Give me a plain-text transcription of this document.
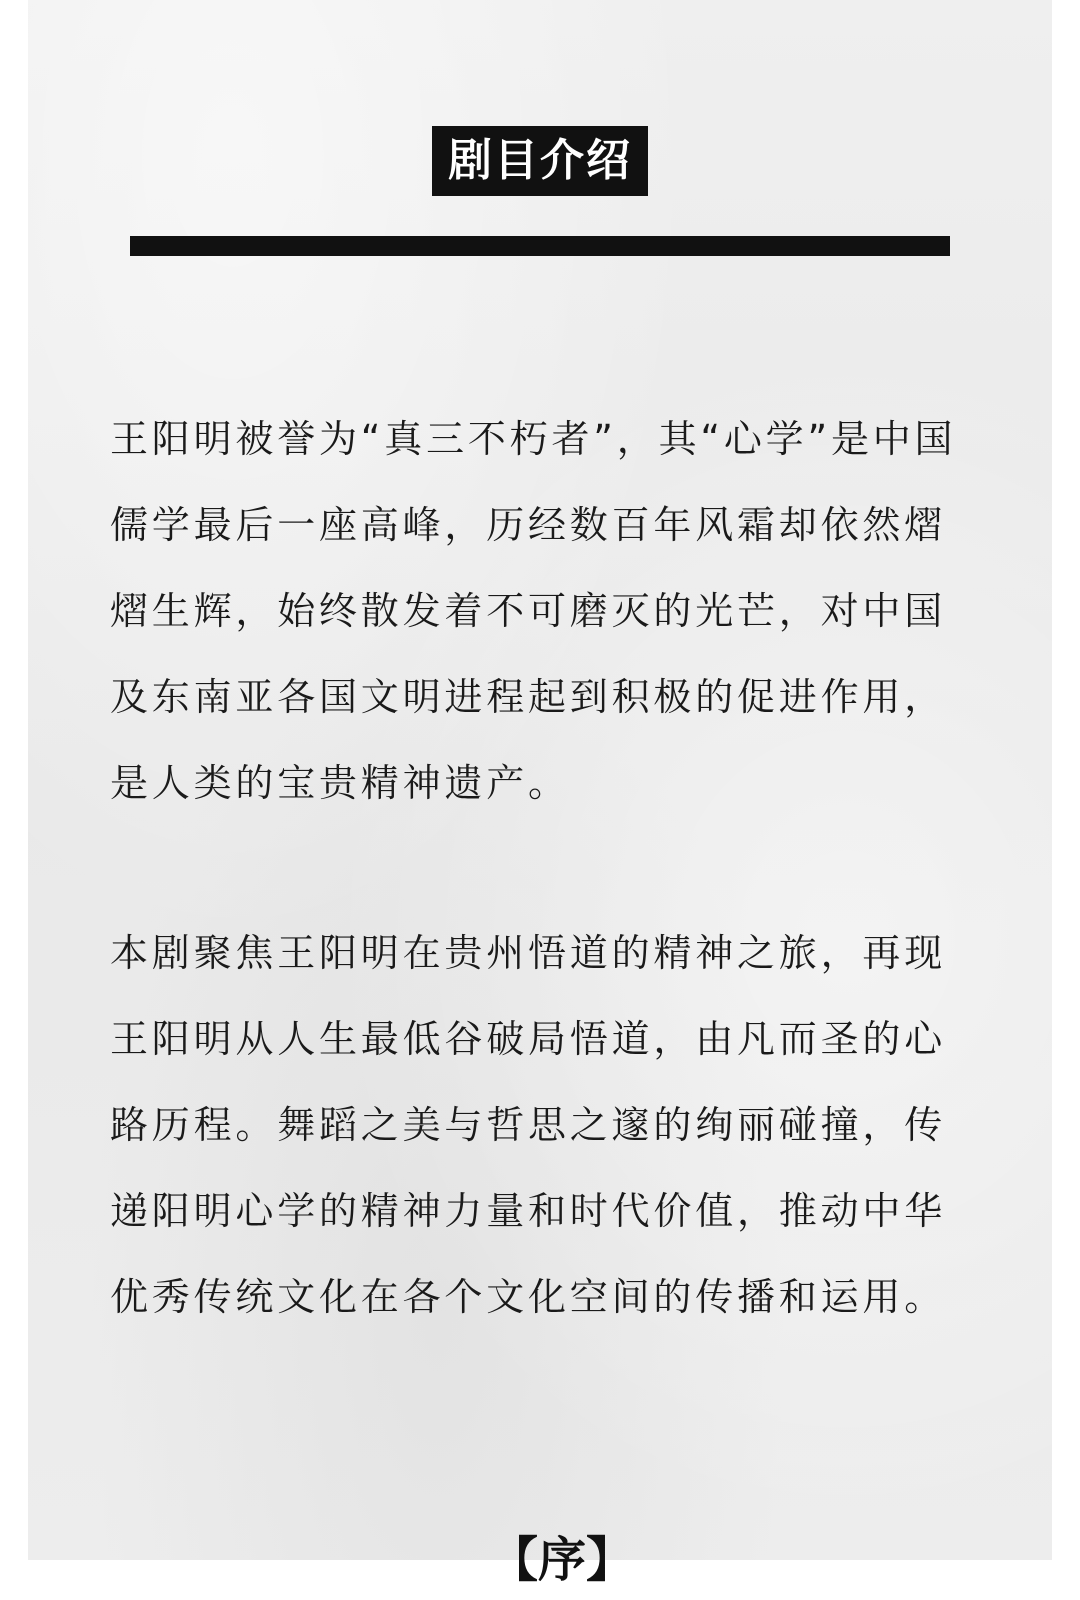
剧目介绍

王阳明被誉为“真三不朽者”，其“心学”是中国儒学最后一座高峰，历经数百年风霜却依然熠熠生辉，始终散发着不可磨灭的光芒，对中国及东南亚各国文明进程起到积极的促进作用，是人类的宝贵精神遗产。

本剧聚焦王阳明在贵州悟道的精神之旅，再现王阳明从人生最低谷破局悟道，由凡而圣的心路历程。舞蹈之美与哲思之邃的绚丽碰撞，传递阳明心学的精神力量和时代价值，推动中华优秀传统文化在各个文化空间的传播和运用。

【序】
